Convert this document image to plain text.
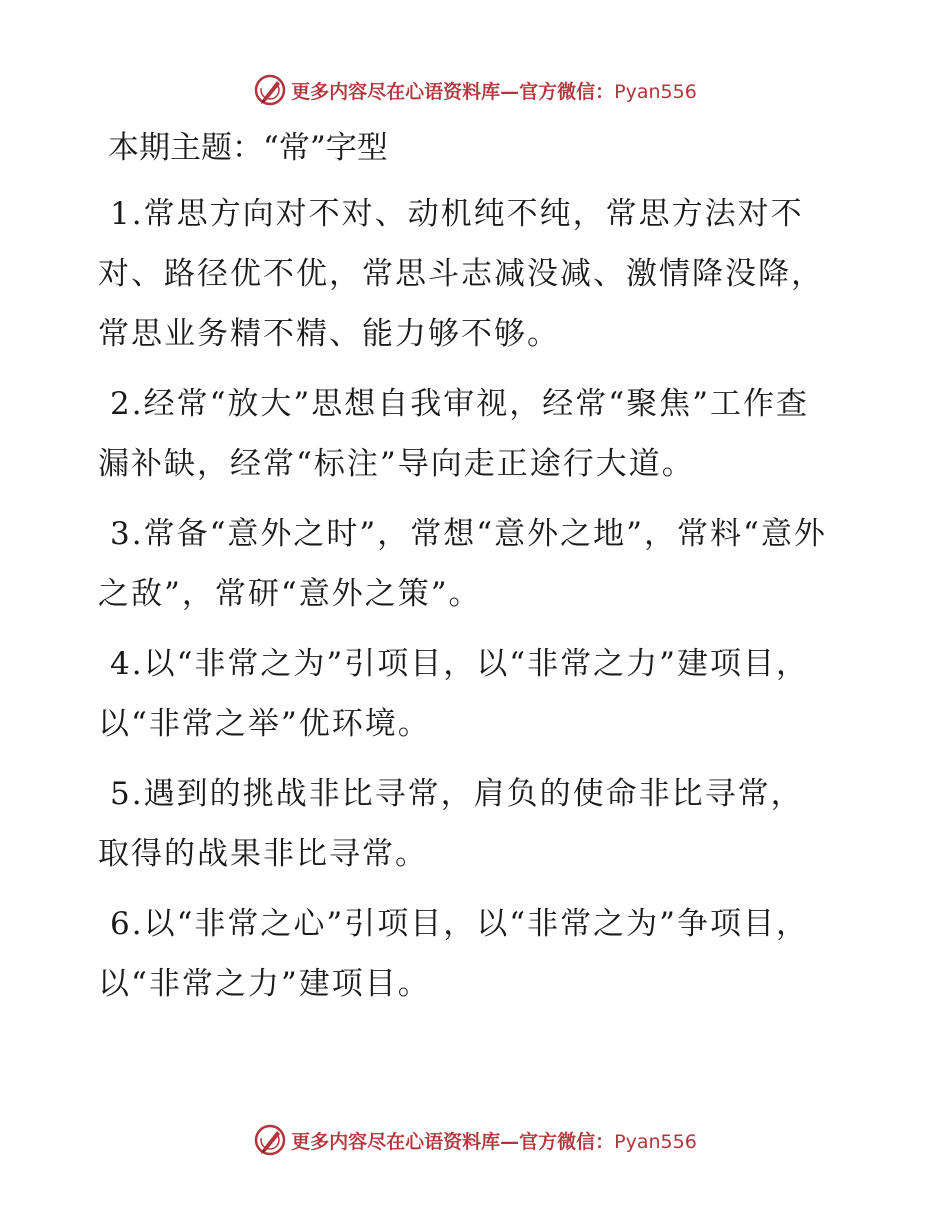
更多内容尽在心语资料库—官方微信：Pyan556
本期主题：“常”字型

1.常思方向对不对、动机纯不纯，常思方法对不对、路径优不优，常思斗志减没减、激情降没降，常思业务精不精、能力够不够。

2.经常“放大”思想自我审视，经常“聚焦”工作查漏补缺，经常“标注”导向走正途行大道。

3.常备“意外之时”，常想“意外之地”，常料“意外之敌”，常研“意外之策”。

4.以“非常之为”引项目，以“非常之力”建项目，以“非常之举”优环境。

5.遇到的挑战非比寻常，肩负的使命非比寻常，取得的战果非比寻常。

6.以“非常之心”引项目，以“非常之为”争项目，以“非常之力”建项目。

更多内容尽在心语资料库—官方微信：Pyan556
